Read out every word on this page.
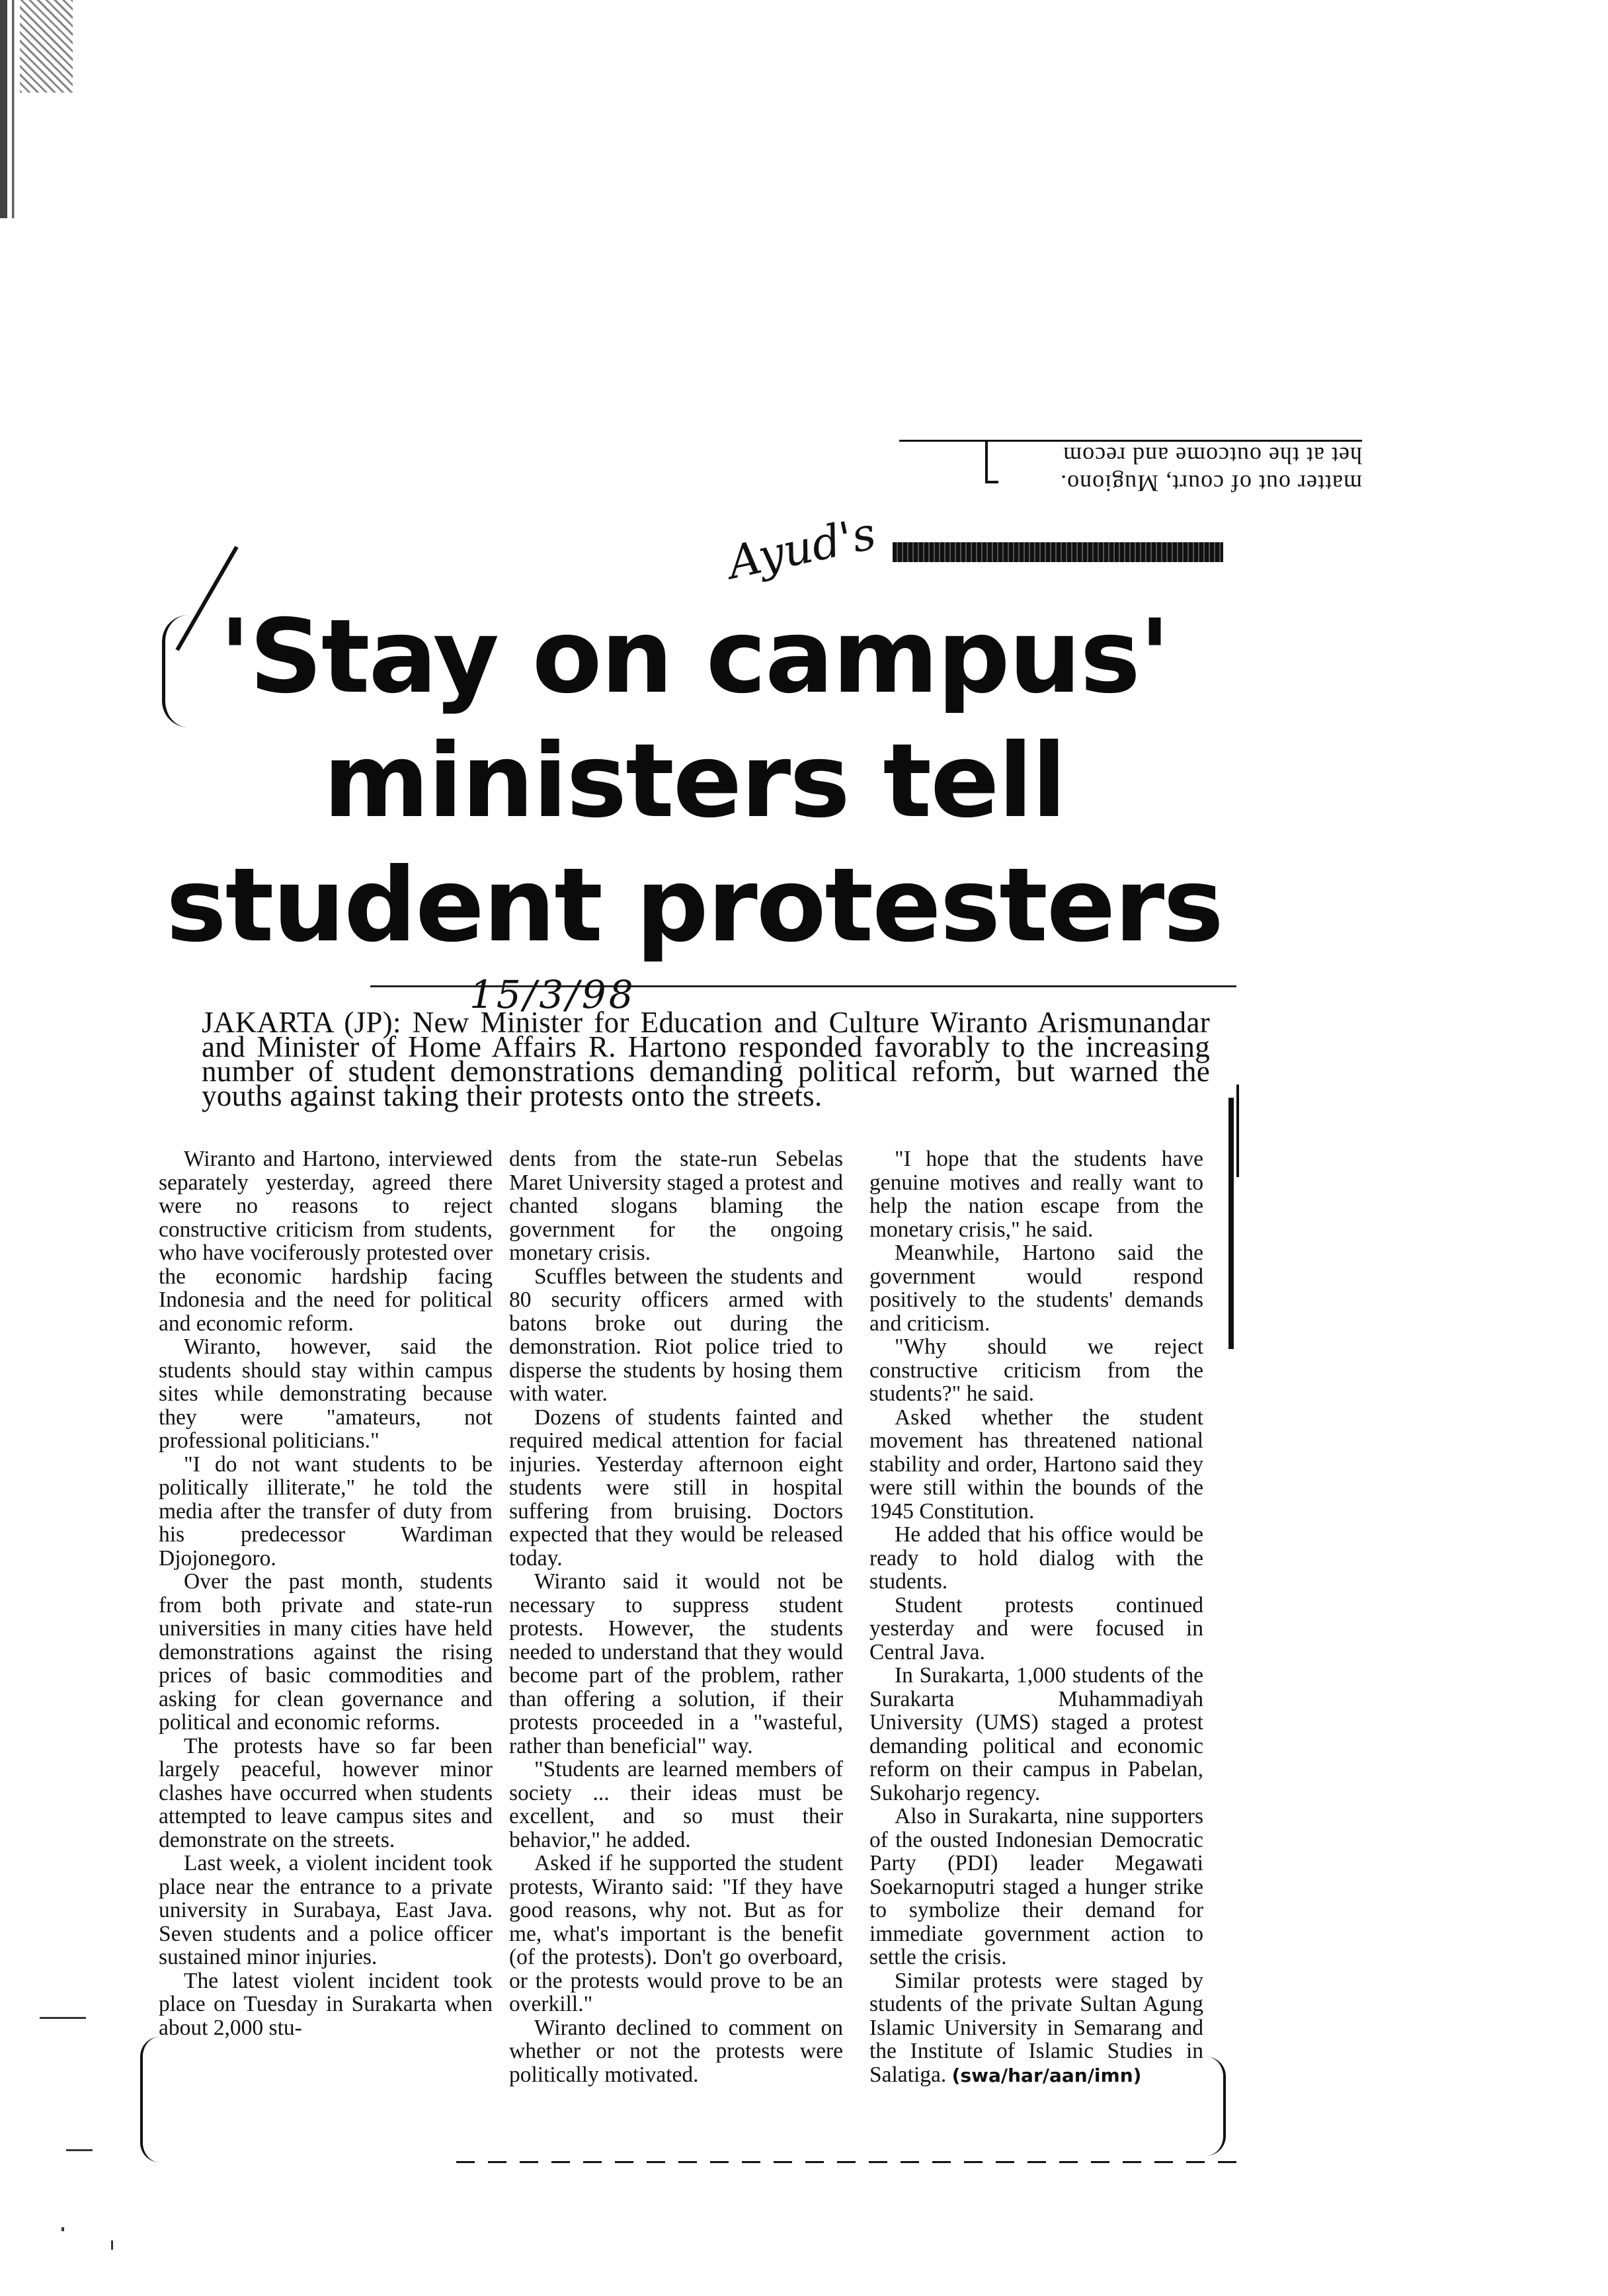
matter out of court, Mugiono.
het at the outcome and recom
Ayud's
'Stay on campus'
ministers tell
student protesters
15/3/98
JAKARTA (JP): New Minister for Education and Culture Wiranto Arismunandar and Minister of Home Affairs R. Hartono responded favorably to the increasing number of student demonstrations demanding political reform, but warned the youths against taking their protests onto the streets.

Wiranto and Hartono, interviewed separately yesterday, agreed there were no reasons to reject constructive criticism from students, who have vociferously protested over the economic hardship facing Indonesia and the need for political and economic reform.

Wiranto, however, said the students should stay within campus sites while demonstrating because they were "amateurs, not professional politicians."

"I do not want students to be politically illiterate," he told the media after the transfer of duty from his predecessor Wardiman Djojonegoro.

Over the past month, students from both private and state-run universities in many cities have held demonstrations against the rising prices of basic commodities and asking for clean governance and political and economic reforms.

The protests have so far been largely peaceful, however minor clashes have occurred when students attempted to leave campus sites and demonstrate on the streets.

Last week, a violent incident took place near the entrance to a private university in Surabaya, East Java. Seven students and a police officer sustained minor injuries.

The latest violent incident took place on Tuesday in Surakarta when about 2,000 stu-

dents from the state-run Sebelas Maret University staged a protest and chanted slogans blaming the government for the ongoing monetary crisis.

Scuffles between the students and 80 security officers armed with batons broke out during the demonstration. Riot police tried to disperse the students by hosing them with water.

Dozens of students fainted and required medical attention for facial injuries. Yesterday afternoon eight students were still in hospital suffering from bruising. Doctors expected that they would be released today.

Wiranto said it would not be necessary to suppress student protests. However, the students needed to understand that they would become part of the problem, rather than offering a solution, if their protests proceeded in a "wasteful, rather than beneficial" way.

"Students are learned members of society ... their ideas must be excellent, and so must their behavior," he added.

Asked if he supported the student protests, Wiranto said: "If they have good reasons, why not. But as for me, what's important is the benefit (of the protests). Don't go overboard, or the protests would prove to be an overkill."

Wiranto declined to comment on whether or not the protests were politically motivated.

"I hope that the students have genuine motives and really want to help the nation escape from the monetary crisis," he said.

Meanwhile, Hartono said the government would respond positively to the students' demands and criticism.

"Why should we reject constructive criticism from the students?" he said.

Asked whether the student movement has threatened national stability and order, Hartono said they were still within the bounds of the 1945 Constitution.

He added that his office would be ready to hold dialog with the students.

Student protests continued yesterday and were focused in Central Java.

In Surakarta, 1,000 students of the Surakarta Muhammadiyah University (UMS) staged a protest demanding political and economic reform on their campus in Pabelan, Sukoharjo regency.

Also in Surakarta, nine supporters of the ousted Indonesian Democratic Party (PDI) leader Megawati Soekarnoputri staged a hunger strike to symbolize their demand for immediate government action to settle the crisis.

Similar protests were staged by students of the private Sultan Agung Islamic University in Semarang and the Institute of Islamic Studies in Salatiga. (swa/har/aan/imn)
